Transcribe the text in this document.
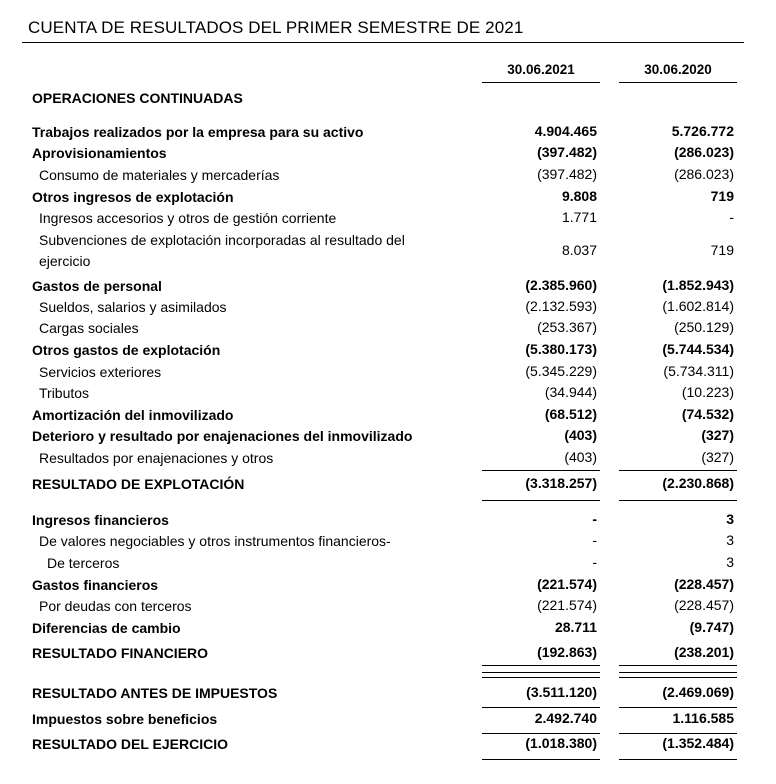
CUENTA DE RESULTADOS DEL PRIMER SEMESTRE DE 2021
30.06.2021	30.06.2020
OPERACIONES CONTINUADAS
Trabajos realizados por la empresa para su activo	4.904.465	5.726.772
Aprovisionamientos	(397.482)	(286.023)
Consumo de materiales y mercaderías	(397.482)	(286.023)
Otros ingresos de explotación	9.808	719
Ingresos accesorios y otros de gestión corriente	1.771	-
Subvenciones de explotación incorporadas al resultado del ejercicio
8.037	719
Gastos de personal	(2.385.960)	(1.852.943)
Sueldos, salarios y asimilados	(2.132.593)	(1.602.814)
Cargas sociales	(253.367)	(250.129)
Otros gastos de explotación	(5.380.173)	(5.744.534)
Servicios exteriores	(5.345.229)	(5.734.311)
Tributos	(34.944)	(10.223)
Amortización del inmovilizado	(68.512)	(74.532)
Deterioro y resultado por enajenaciones del inmovilizado	(403)	(327)
Resultados por enajenaciones y otros	(403)	(327)
RESULTADO DE EXPLOTACIÓN	(3.318.257)	(2.230.868)
Ingresos financieros	-	3
De valores negociables y otros instrumentos financieros-	-	3
De terceros	-	3
Gastos financieros	(221.574)	(228.457)
Por deudas con terceros	(221.574)	(228.457)
Diferencias de cambio	28.711	(9.747)
RESULTADO FINANCIERO	(192.863)	(238.201)
RESULTADO ANTES DE IMPUESTOS	(3.511.120)	(2.469.069)
Impuestos sobre beneficios	2.492.740	1.116.585
RESULTADO DEL EJERCICIO	(1.018.380)	(1.352.484)
